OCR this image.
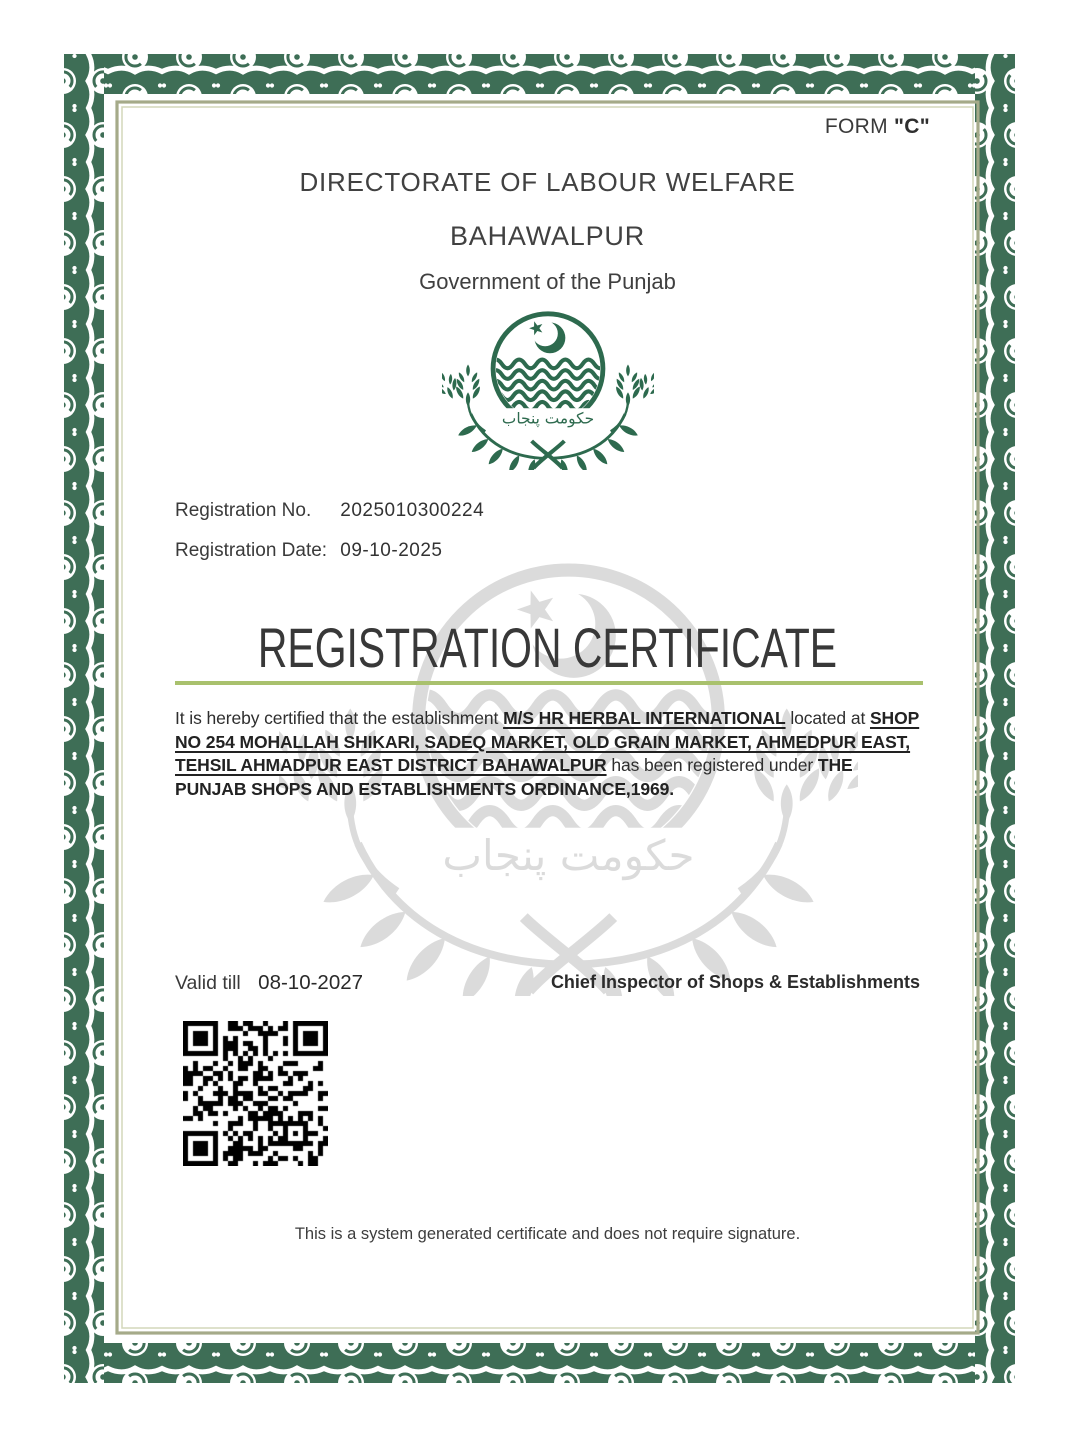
FORM "C"
DIRECTORATE OF LABOUR WELFARE
BAHAWALPUR
Government of the Punjab
Registration No. 2025010300224
Registration Date: 09-10-2025
REGISTRATION CERTIFICATE
It is hereby certified that the establishment M/S HR HERBAL INTERNATIONAL located at SHOP NO 254 MOHALLAH SHIKARI, SADEQ MARKET, OLD GRAIN MARKET, AHMEDPUR EAST, TEHSIL AHMADPUR EAST DISTRICT BAHAWALPUR has been registered under THE PUNJAB SHOPS AND ESTABLISHMENTS ORDINANCE,1969.
Valid till 08-10-2027	Chief Inspector of Shops & Establishments
This is a system generated certificate and does not require signature.
